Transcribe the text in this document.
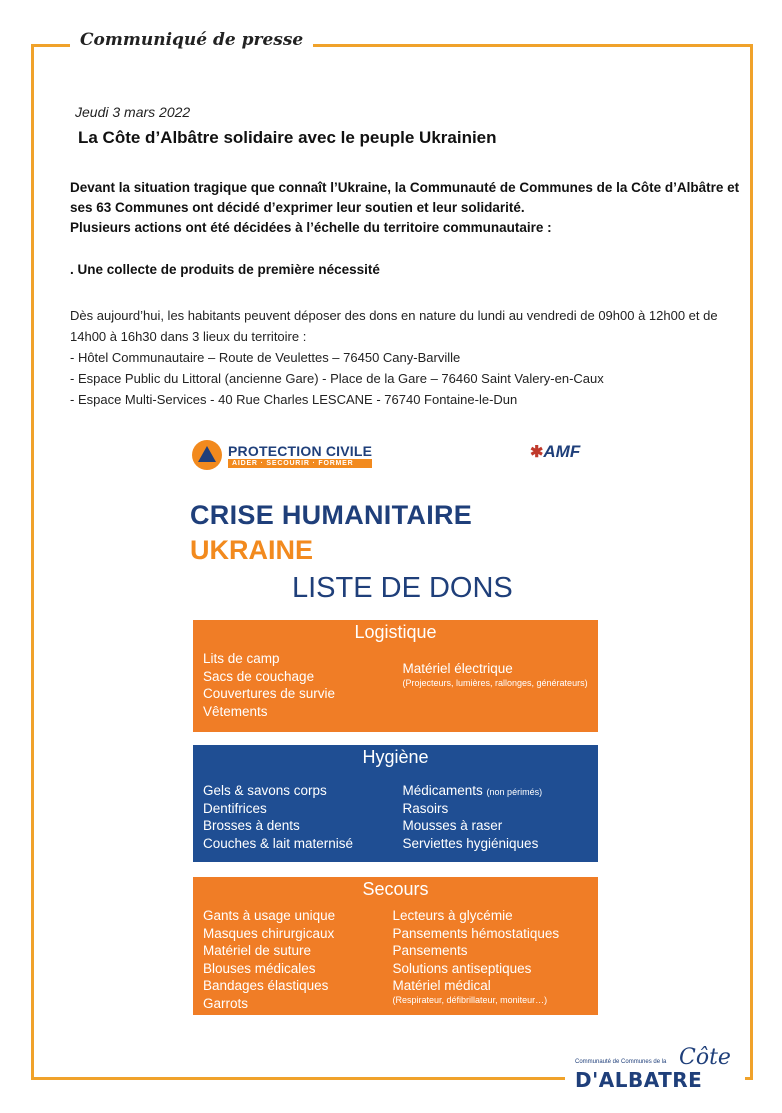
Communiqué de presse
Jeudi 3 mars 2022
La Côte d’Albâtre solidaire avec le peuple Ukrainien

Devant la situation tragique que connaît l’Ukraine, la Communauté de Communes de la Côte d’Albâtre et ses 63 Communes ont décidé d’exprimer leur soutien et leur solidarité.

Plusieurs actions ont été décidées à l’échelle du territoire communautaire :

. Une collecte de produits de première nécessité

Dès aujourd’hui, les habitants peuvent déposer des dons en nature du lundi au vendredi de 09h00 à 12h00 et de 14h00 à 16h30 dans 3 lieux du territoire :

- Hôtel Communautaire – Route de Veulettes – 76450 Cany-Barville

- Espace Public du Littoral (ancienne Gare) - Place de la Gare – 76460 Saint Valery-en-Caux

- Espace Multi-Services - 40 Rue Charles LESCANE - 76740 Fontaine-le-Dun

PROTECTION CIVILE
AIDER · SECOURIR · FORMER
✱ AMF
CRISE HUMANITAIRE
UKRAINE
LISTE DE DONS
Logistique
Lits de camp
Sacs de couchage
Couvertures de survie
Vêtements
Matériel électrique
(Projecteurs, lumières, rallonges, générateurs)
Hygiène
Gels & savons corps
Dentifrices
Brosses à dents
Couches & lait maternisé
Médicaments (non périmés)
Rasoirs
Mousses à raser
Serviettes hygiéniques
Secours
Gants à usage unique
Masques chirurgicaux
Matériel de suture
Blouses médicales
Bandages élastiques
Garrots
Lecteurs à glycémie
Pansements hémostatiques
Pansements
Solutions antiseptiques
Matériel médical
(Respirateur, défibrillateur, moniteur…)
Communauté de Communes de la Côte
D'ALBATRE
